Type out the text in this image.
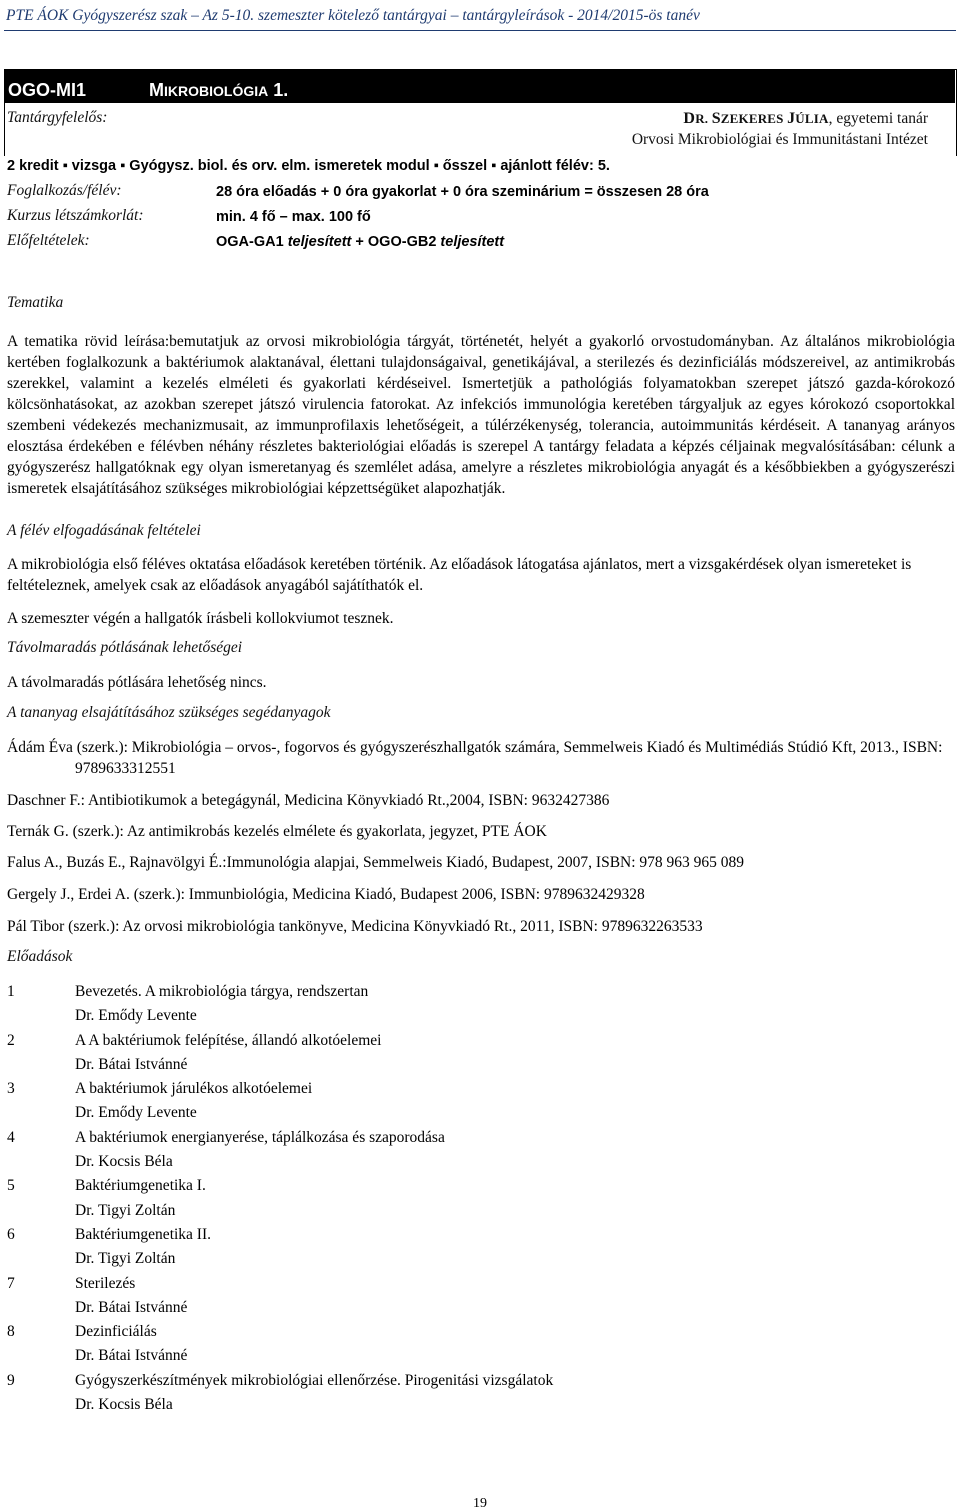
PTE ÁOK Gyógyszerész szak – Az 5-10. szemeszter kötelező tantárgyai – tantárgyleírások - 2014/2015-ös tanév
OGO-MI1	MIKROBIOLÓGIA 1.
Tantárgyfelelős:	DR. SZEKERES JÚLIA, egyetemi tanár
Orvosi Mikrobiológiai és Immunitástani Intézet
2 kredit ▪ vizsga ▪ Gyógysz. biol. és orv. elm. ismeretek modul ▪ ősszel ▪ ajánlott félév: 5.
Foglalkozás/félév:	28 óra előadás + 0 óra gyakorlat + 0 óra szeminárium = összesen 28 óra
Kurzus létszámkorlát:	min. 4 fő – max. 100 fő
Előfeltételek:	OGA-GA1 teljesített + OGO-GB2 teljesített
Tematika
A tematika rövid leírása:bemutatjuk az orvosi mikrobiológia tárgyát, történetét, helyét a gyakorló orvostudományban. Az általános mikrobiológia kertében foglalkozunk a baktériumok alaktanával, élettani tulajdonságaival, genetikájával, a sterilezés és dezinficiálás módszereivel, az antimikrobás szerekkel, valamint a kezelés elméleti és gyakorlati kérdéseivel. Ismertetjük a pathológiás folyamatokban szerepet játszó gazda-kórokozó kölcsönhatásokat, az azokban szerepet játszó virulencia fatorokat. Az infekciós immunológia keretében tárgyaljuk az egyes kórokozó csoportokkal szembeni védekezés mechanizmusait, az immunprofilaxis lehetőségeit, a túlérzékenység, tolerancia, autoimmunitás kérdéseit. A tananyag arányos elosztása érdekében e félévben néhány részletes bakteriológiai előadás is szerepel A tantárgy feladata a képzés céljainak megvalósításában: célunk a gyógyszerész hallgatóknak egy olyan ismeretanyag és szemlélet adása, amelyre a részletes mikrobiológia anyagát és a későbbiekben a gyógyszerészi ismeretek elsajátításához szükséges mikrobiológiai képzettségüket alapozhatják.
A félév elfogadásának feltételei
A mikrobiológia első féléves oktatása előadások keretében történik. Az előadások látogatása ajánlatos, mert a vizsgakérdések olyan ismereteket is feltételeznek, amelyek csak az előadások anyagából sajátíthatók el.
A szemeszter végén a hallgatók írásbeli kollokviumot tesznek.
Távolmaradás pótlásának lehetőségei
A távolmaradás pótlására lehetőség nincs.
A tananyag elsajátításához szükséges segédanyagok
Ádám Éva (szerk.): Mikrobiológia – orvos-, fogorvos és gyógyszerészhallgatók számára, Semmelweis Kiadó és Multimédiás Stúdió Kft, 2013., ISBN: 9789633312551
Daschner F.: Antibiotikumok a betegágynál, Medicina Könyvkiadó Rt.,2004, ISBN: 9632427386
Ternák G. (szerk.): Az antimikrobás kezelés elmélete és gyakorlata, jegyzet, PTE ÁOK
Falus A., Buzás E., Rajnavölgyi É.:Immunológia alapjai, Semmelweis Kiadó, Budapest, 2007, ISBN: 978 963 965 089
Gergely J., Erdei A. (szerk.): Immunbiológia, Medicina Kiadó, Budapest 2006, ISBN: 9789632429328
Pál Tibor (szerk.): Az orvosi mikrobiológia tankönyve, Medicina Könyvkiadó Rt., 2011, ISBN: 9789632263533
Előadások
1	Bevezetés. A mikrobiológia tárgya, rendszertan
Dr. Emődy Levente
2	A A baktériumok felépítése, állandó alkotóelemei
Dr. Bátai Istvánné
3	A baktériumok járulékos alkotóelemei
Dr. Emődy Levente
4	A baktériumok energianyerése, táplálkozása és szaporodása
Dr. Kocsis Béla
5	Baktériumgenetika I.
Dr. Tigyi Zoltán
6	Baktériumgenetika II.
Dr. Tigyi Zoltán
7	Sterilezés
Dr. Bátai Istvánné
8	Dezinficiálás
Dr. Bátai Istvánné
9	Gyógyszerkészítmények mikrobiológiai ellenőrzése. Pirogenitási vizsgálatok
Dr. Kocsis Béla
19
